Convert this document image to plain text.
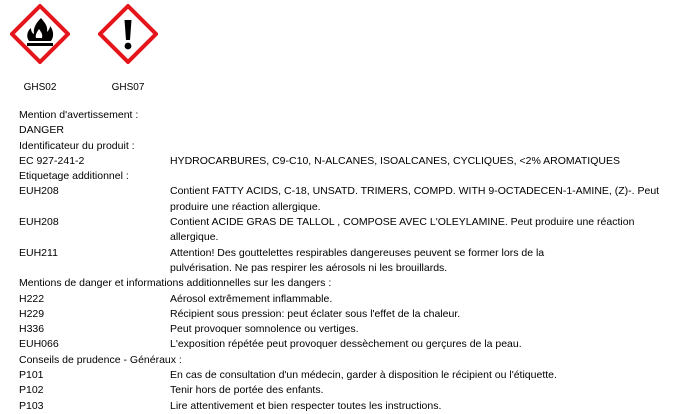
GHS02	GHS07
Mention d'avertissement :
DANGER
Identificateur du produit :
EC 927-241-2	HYDROCARBURES, C9-C10, N-ALCANES, ISOALCANES, CYCLIQUES, <2% AROMATIQUES
Etiquetage additionnel :
EUH208	Contient FATTY ACIDS, C-18, UNSATD. TRIMERS, COMPD. WITH 9-OCTADECEN-1-AMINE, (Z)-. Peut
produire une réaction allergique.
EUH208	Contient ACIDE GRAS DE TALLOL , COMPOSE AVEC L'OLEYLAMINE. Peut produire une réaction
allergique.
EUH211	Attention! Des gouttelettes respirables dangereuses peuvent se former lors de la
pulvérisation. Ne pas respirer les aérosols ni les brouillards.
Mentions de danger et informations additionnelles sur les dangers :
H222	Aérosol extrêmement inflammable.
H229	Récipient sous pression: peut éclater sous l'effet de la chaleur.
H336	Peut provoquer somnolence ou vertiges.
EUH066	L'exposition répétée peut provoquer dessèchement ou gerçures de la peau.
Conseils de prudence - Généraux :
P101	En cas de consultation d'un médecin, garder à disposition le récipient ou l'étiquette.
P102	Tenir hors de portée des enfants.
P103	Lire attentivement et bien respecter toutes les instructions.
